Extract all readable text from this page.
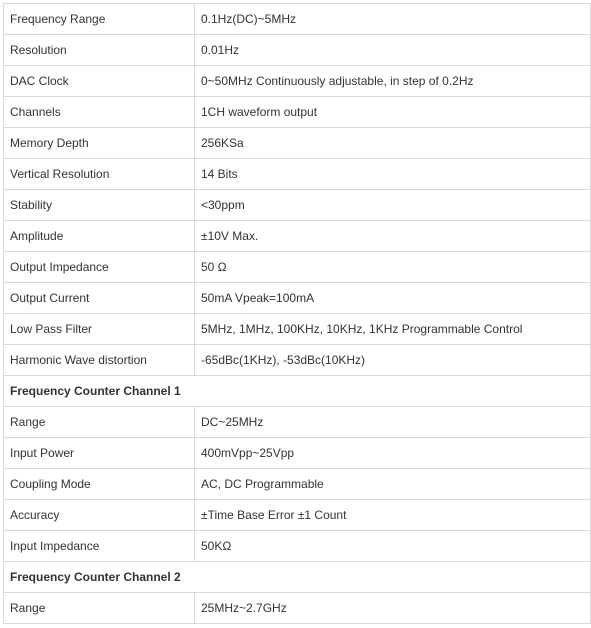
Frequency Range	0.1Hz(DC)~5MHz
Resolution	0.01Hz
DAC Clock	0~50MHz Continuously adjustable, in step of 0.2Hz
Channels	1CH waveform output
Memory Depth	256KSa
Vertical Resolution	14 Bits
Stability	<30ppm
Amplitude	±10V Max.
Output Impedance	50 Ω
Output Current	50mA Vpeak=100mA
Low Pass Filter	5MHz, 1MHz, 100KHz, 10KHz, 1KHz Programmable Control
Harmonic Wave distortion	-65dBc(1KHz), -53dBc(10KHz)
Frequency Counter Channel 1	
Range	DC~25MHz
Input Power	400mVpp~25Vpp
Coupling Mode	AC, DC Programmable
Accuracy	±Time Base Error ±1 Count
Input Impedance	50KΩ
Frequency Counter Channel 2	
Range	25MHz~2.7GHz
